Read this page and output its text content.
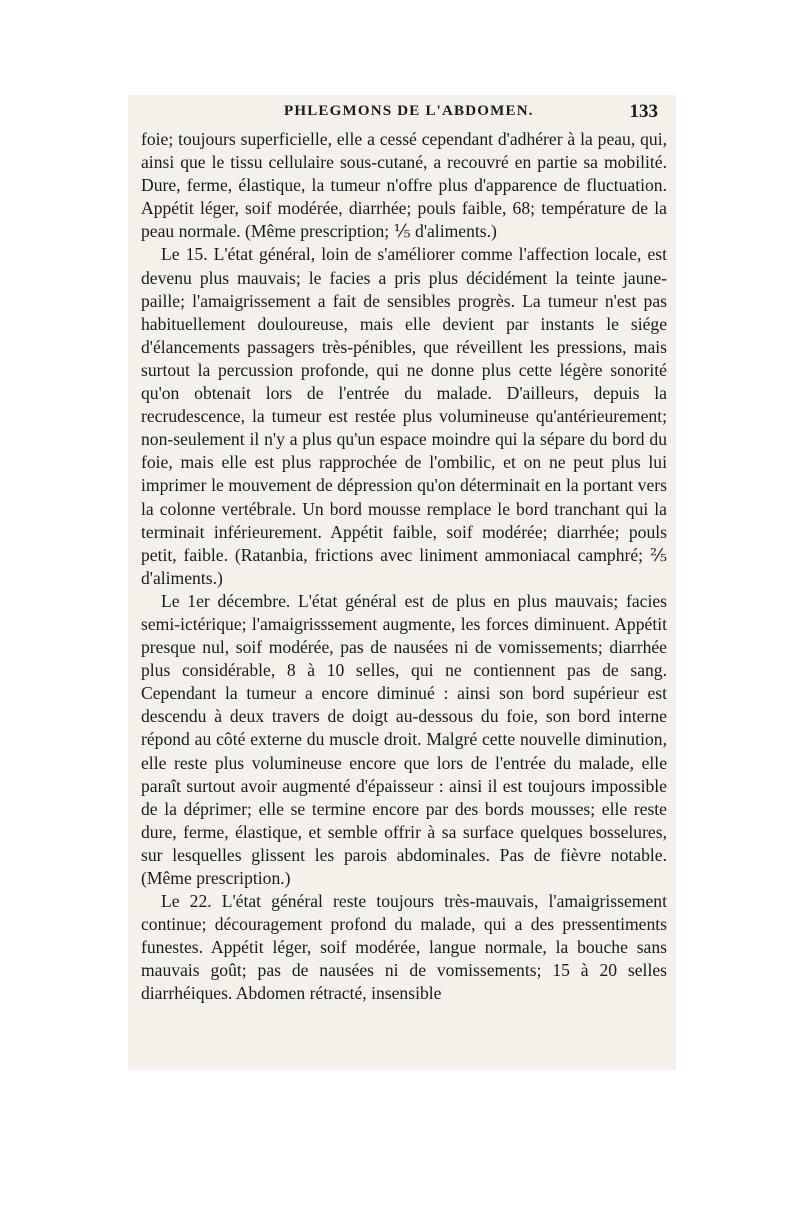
PHLEGMONS DE L'ABDOMEN.	133

foie; toujours superficielle, elle a cessé cependant d'adhérer à la peau, qui, ainsi que le tissu cellulaire sous-cutané, a recouvré en partie sa mobilité. Dure, ferme, élastique, la tumeur n'offre plus d'apparence de fluctuation. Appétit léger, soif modérée, diarrhée; pouls faible, 68; température de la peau normale. (Même prescription; ⅕ d'aliments.)

Le 15. L'état général, loin de s'améliorer comme l'affection locale, est devenu plus mauvais; le facies a pris plus décidément la teinte jaune-paille; l'amaigrissement a fait de sensibles progrès. La tumeur n'est pas habituellement douloureuse, mais elle devient par instants le siége d'élancements passagers très-pénibles, que réveillent les pressions, mais surtout la percussion profonde, qui ne donne plus cette légère sonorité qu'on obtenait lors de l'entrée du malade. D'ailleurs, depuis la recrudescence, la tumeur est restée plus volumineuse qu'antérieurement; non-seulement il n'y a plus qu'un espace moindre qui la sépare du bord du foie, mais elle est plus rapprochée de l'ombilic, et on ne peut plus lui imprimer le mouvement de dépression qu'on déterminait en la portant vers la colonne vertébrale. Un bord mousse remplace le bord tranchant qui la terminait inférieurement. Appétit faible, soif modérée; diarrhée; pouls petit, faible. (Ratanbia, frictions avec liniment ammoniacal camphré; ⅖ d'aliments.)

Le 1er décembre. L'état général est de plus en plus mauvais; facies semi-ictérique; l'amaigrisssement augmente, les forces diminuent. Appétit presque nul, soif modérée, pas de nausées ni de vomissements; diarrhée plus considérable, 8 à 10 selles, qui ne contiennent pas de sang. Cependant la tumeur a encore diminué : ainsi son bord supérieur est descendu à deux travers de doigt au-dessous du foie, son bord interne répond au côté externe du muscle droit. Malgré cette nouvelle diminution, elle reste plus volumineuse encore que lors de l'entrée du malade, elle paraît surtout avoir augmenté d'épaisseur : ainsi il est toujours impossible de la déprimer; elle se termine encore par des bords mousses; elle reste dure, ferme, élastique, et semble offrir à sa surface quelques bosselures, sur lesquelles glissent les parois abdominales. Pas de fièvre notable. (Même prescription.)

Le 22. L'état général reste toujours très-mauvais, l'amaigrissement continue; découragement profond du malade, qui a des pressentiments funestes. Appétit léger, soif modérée, langue normale, la bouche sans mauvais goût; pas de nausées ni de vomissements; 15 à 20 selles diarrhéiques. Abdomen rétracté, insensible
